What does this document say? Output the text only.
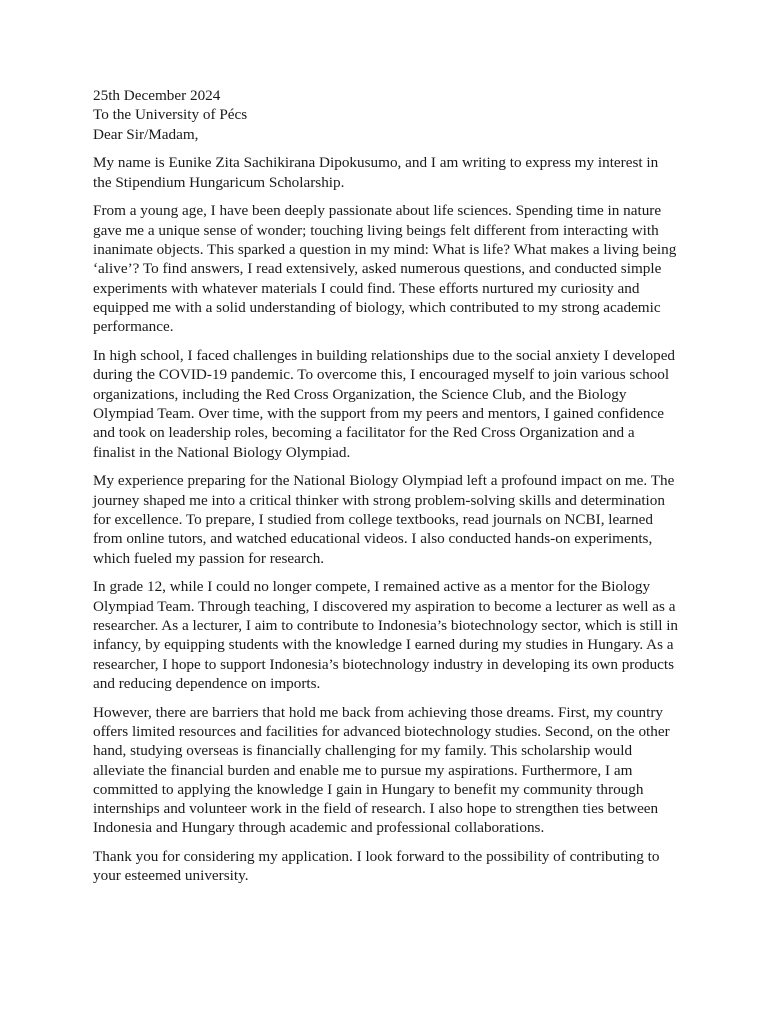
25th December 2024

To the University of Pécs

Dear Sir/Madam,

My name is Eunike Zita Sachikirana Dipokusumo, and I am writing to express my interest in the Stipendium Hungaricum Scholarship.

From a young age, I have been deeply passionate about life sciences. Spending time in nature gave me a unique sense of wonder; touching living beings felt different from interacting with inanimate objects. This sparked a question in my mind: What is life? What makes a living being ‘alive’? To find answers, I read extensively, asked numerous questions, and conducted simple experiments with whatever materials I could find. These efforts nurtured my curiosity and equipped me with a solid understanding of biology, which contributed to my strong academic performance.

In high school, I faced challenges in building relationships due to the social anxiety I developed during the COVID-19 pandemic. To overcome this, I encouraged myself to join various school organizations, including the Red Cross Organization, the Science Club, and the Biology Olympiad Team. Over time, with the support from my peers and mentors, I gained confidence and took on leadership roles, becoming a facilitator for the Red Cross Organization and a finalist in the National Biology Olympiad.

My experience preparing for the National Biology Olympiad left a profound impact on me. The journey shaped me into a critical thinker with strong problem-solving skills and determination for excellence. To prepare, I studied from college textbooks, read journals on NCBI, learned from online tutors, and watched educational videos. I also conducted hands-on experiments, which fueled my passion for research.

In grade 12, while I could no longer compete, I remained active as a mentor for the Biology Olympiad Team. Through teaching, I discovered my aspiration to become a lecturer as well as a researcher. As a lecturer, I aim to contribute to Indonesia’s biotechnology sector, which is still in infancy, by equipping students with the knowledge I earned during my studies in Hungary. As a researcher, I hope to support Indonesia’s biotechnology industry in developing its own products and reducing dependence on imports.

However, there are barriers that hold me back from achieving those dreams. First, my country offers limited resources and facilities for advanced biotechnology studies. Second, on the other hand, studying overseas is financially challenging for my family. This scholarship would alleviate the financial burden and enable me to pursue my aspirations. Furthermore, I am committed to applying the knowledge I gain in Hungary to benefit my community through internships and volunteer work in the field of research. I also hope to strengthen ties between Indonesia and Hungary through academic and professional collaborations.

Thank you for considering my application. I look forward to the possibility of contributing to your esteemed university.
